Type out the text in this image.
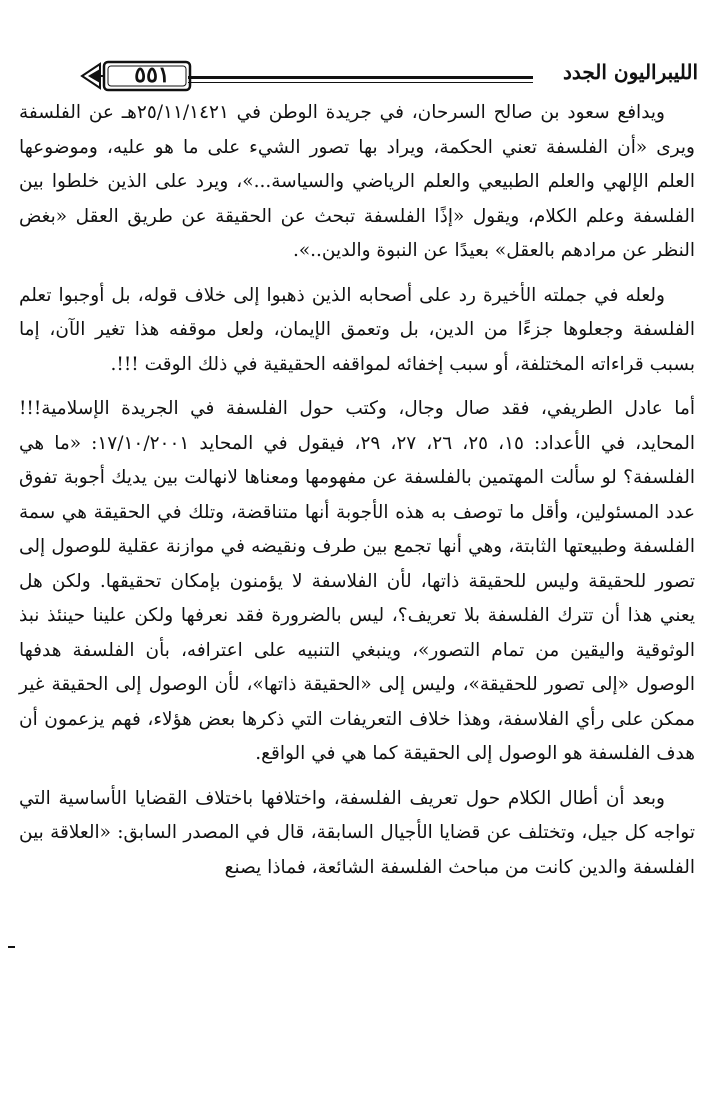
الليبراليون الجدد
٥٥١

ويدافع سعود بن صالح السرحان، في جريدة الوطن في ٢٥/١١/١٤٢١هـ عن الفلسفة ويرى «أن الفلسفة تعني الحكمة، ويراد بها تصور الشيء على ما هو عليه، وموضوعها العلم الإلهي والعلم الطبيعي والعلم الرياضي والسياسة...»، ويرد على الذين خلطوا بين الفلسفة وعلم الكلام، ويقول «إذًا الفلسفة تبحث عن الحقيقة عن طريق العقل «بغض النظر عن مرادهم بالعقل» بعيدًا عن النبوة والدين..».

ولعله في جملته الأخيرة رد على أصحابه الذين ذهبوا إلى خلاف قوله، بل أوجبوا تعلم الفلسفة وجعلوها جزءًا من الدين، بل وتعمق الإيمان، ولعل موقفه هذا تغير الآن، إما بسبب قراءاته المختلفة، أو سبب إخفائه لمواقفه الحقيقية في ذلك الوقت !!!.

أما عادل الطريفي، فقد صال وجال، وكتب حول الفلسفة في الجريدة الإسلامية!!! المحايد، في الأعداد: ١٥، ٢٥، ٢٦، ٢٧، ٢٩، فيقول في المحايد ١٧/١٠/٢٠٠١: «ما هي الفلسفة؟ لو سألت المهتمين بالفلسفة عن مفهومها ومعناها لانهالت بين يديك أجوبة تفوق عدد المسئولين، وأقل ما توصف به هذه الأجوبة أنها متناقضة، وتلك في الحقيقة هي سمة الفلسفة وطبيعتها الثابتة، وهي أنها تجمع بين طرف ونقيضه في موازنة عقلية للوصول إلى تصور للحقيقة وليس للحقيقة ذاتها، لأن الفلاسفة لا يؤمنون بإمكان تحقيقها. ولكن هل يعني هذا أن تترك الفلسفة بلا تعريف؟، ليس بالضرورة فقد نعرفها ولكن علينا حينئذ نبذ الوثوقية واليقين من تمام التصور»، وينبغي التنبيه على اعترافه، بأن الفلسفة هدفها الوصول «إلى تصور للحقيقة»، وليس إلى «الحقيقة ذاتها»، لأن الوصول إلى الحقيقة غير ممكن على رأي الفلاسفة، وهذا خلاف التعريفات التي ذكرها بعض هؤلاء، فهم يزعمون أن هدف الفلسفة هو الوصول إلى الحقيقة كما هي في الواقع.

وبعد أن أطال الكلام حول تعريف الفلسفة، واختلافها باختلاف القضايا الأساسية التي تواجه كل جيل، وتختلف عن قضايا الأجيال السابقة، قال في المصدر السابق: «العلاقة بين الفلسفة والدين كانت من مباحث الفلسفة الشائعة، فماذا يصنع
